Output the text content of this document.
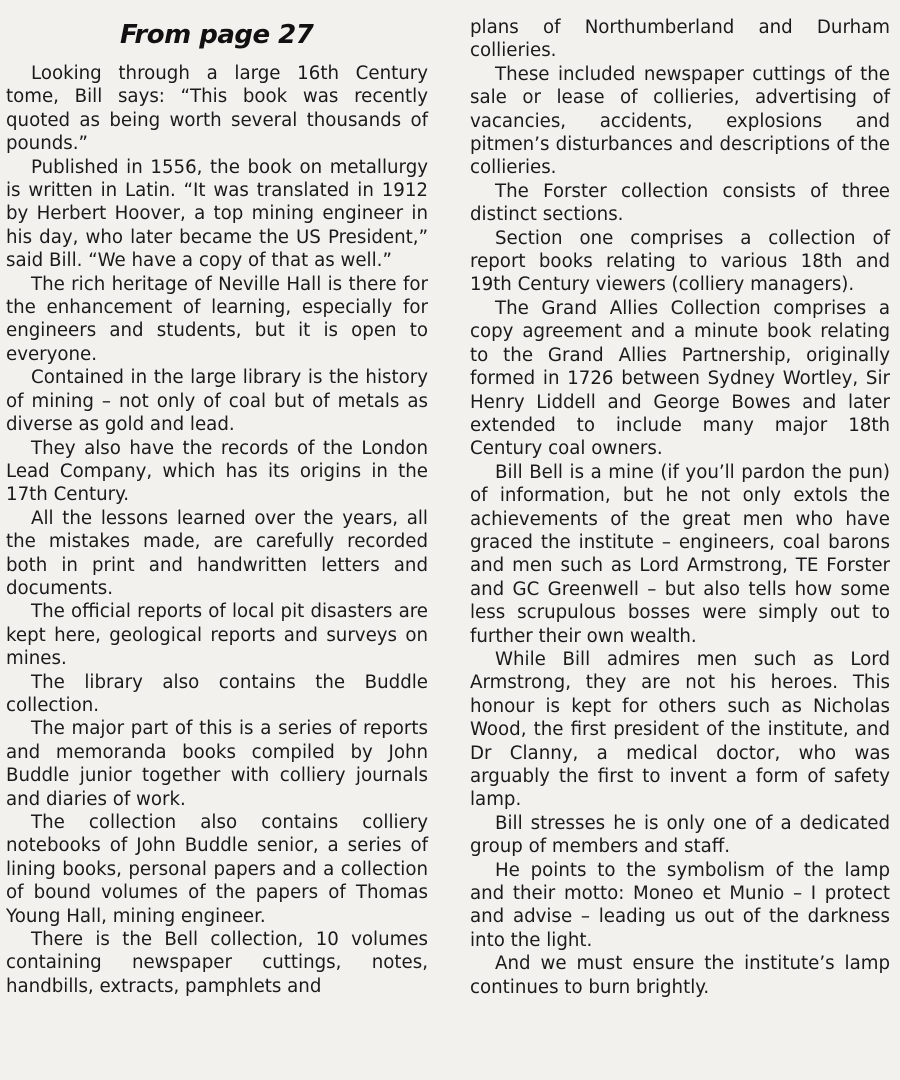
From page 27

Looking through a large 16th Century tome, Bill says: “This book was recently quoted as being worth several thousands of pounds.”

Published in 1556, the book on metallurgy is written in Latin. “It was translated in 1912 by Herbert Hoover, a top mining engineer in his day, who later became the US President,” said Bill. “We have a copy of that as well.”

The rich heritage of Neville Hall is there for the enhancement of learning, especially for engineers and students, but it is open to everyone.

Contained in the large library is the history of mining – not only of coal but of metals as diverse as gold and lead.

They also have the records of the London Lead Company, which has its origins in the 17th Century.

All the lessons learned over the years, all the mistakes made, are carefully recorded both in print and handwritten letters and documents.

The official reports of local pit disasters are kept here, geological reports and surveys on mines.

The library also contains the Buddle collection.

The major part of this is a series of reports and memoranda books compiled by John Buddle junior together with colliery journals and diaries of work.

The collection also contains colliery notebooks of John Buddle senior, a series of lining books, personal papers and a collection of bound volumes of the papers of Thomas Young Hall, mining engineer.

There is the Bell collection, 10 volumes containing newspaper cuttings, notes, handbills, extracts, pamphlets and

plans of Northumberland and Durham collieries.

These included newspaper cuttings of the sale or lease of collieries, advertising of vacancies, accidents, explosions and pitmen’s disturbances and descriptions of the collieries.

The Forster collection consists of three distinct sections.

Section one comprises a collection of report books relating to various 18th and 19th Century viewers (colliery managers).

The Grand Allies Collection comprises a copy agreement and a minute book relating to the Grand Allies Partnership, originally formed in 1726 between Sydney Wortley, Sir Henry Liddell and George Bowes and later extended to include many major 18th Century coal owners.

Bill Bell is a mine (if you’ll pardon the pun) of information, but he not only extols the achievements of the great men who have graced the institute – engineers, coal barons and men such as Lord Armstrong, TE Forster and GC Greenwell – but also tells how some less scrupulous bosses were simply out to further their own wealth.

While Bill admires men such as Lord Armstrong, they are not his heroes. This honour is kept for others such as Nicholas Wood, the first president of the institute, and Dr Clanny, a medical doctor, who was arguably the first to invent a form of safety lamp.

Bill stresses he is only one of a dedicated group of members and staff.

He points to the symbolism of the lamp and their motto: Moneo et Munio – I protect and advise – leading us out of the darkness into the light.

And we must ensure the institute’s lamp continues to burn brightly.
